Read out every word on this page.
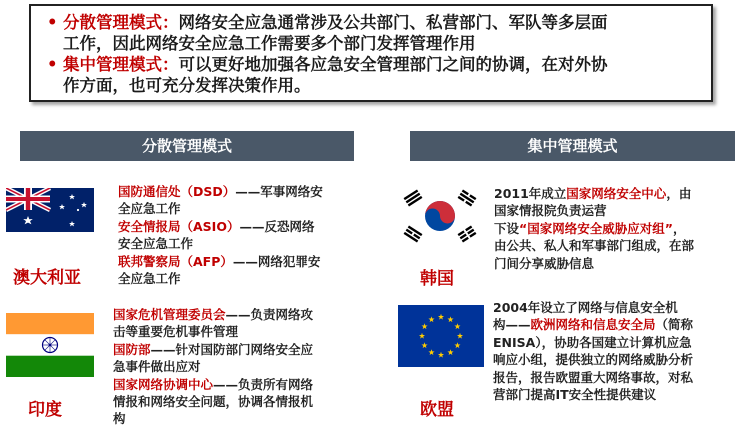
• 分散管理模式：网络安全应急通常涉及公共部门、私营部门、军队等多层面
工作，因此网络安全应急工作需要多个部门发挥管理作用
• 集中管理模式：可以更好地加强各应急安全管理部门之间的协调，在对外协
作方面，也可充分发挥决策作用。
分散管理模式	集中管理模式
澳大利亚
国防通信处（DSD）——军事网络安
全应急工作
安全情报局（ASIO）——反恐网络
安全应急工作
联邦警察局（AFP）——网络犯罪安
全应急工作
印度
国家危机管理委员会——负责网络攻
击等重要危机事件管理
国防部——针对国防部门网络安全应
急事件做出应对
国家网络协调中心——负责所有网络
情报和网络安全问题，协调各情报机
构
韩国
2011年成立国家网络安全中心，由
国家情报院负责运营
下设“国家网络安全威胁应对组”，
由公共、私人和军事部门组成，在部
门间分享威胁信息
欧盟
2004年设立了网络与信息安全机
构——欧洲网络和信息安全局（简称
ENISA），协助各国建立计算机应急
响应小组，提供独立的网络威胁分析
报告，报告欧盟重大网络事故，对私
营部门提高IT安全性提供建议
